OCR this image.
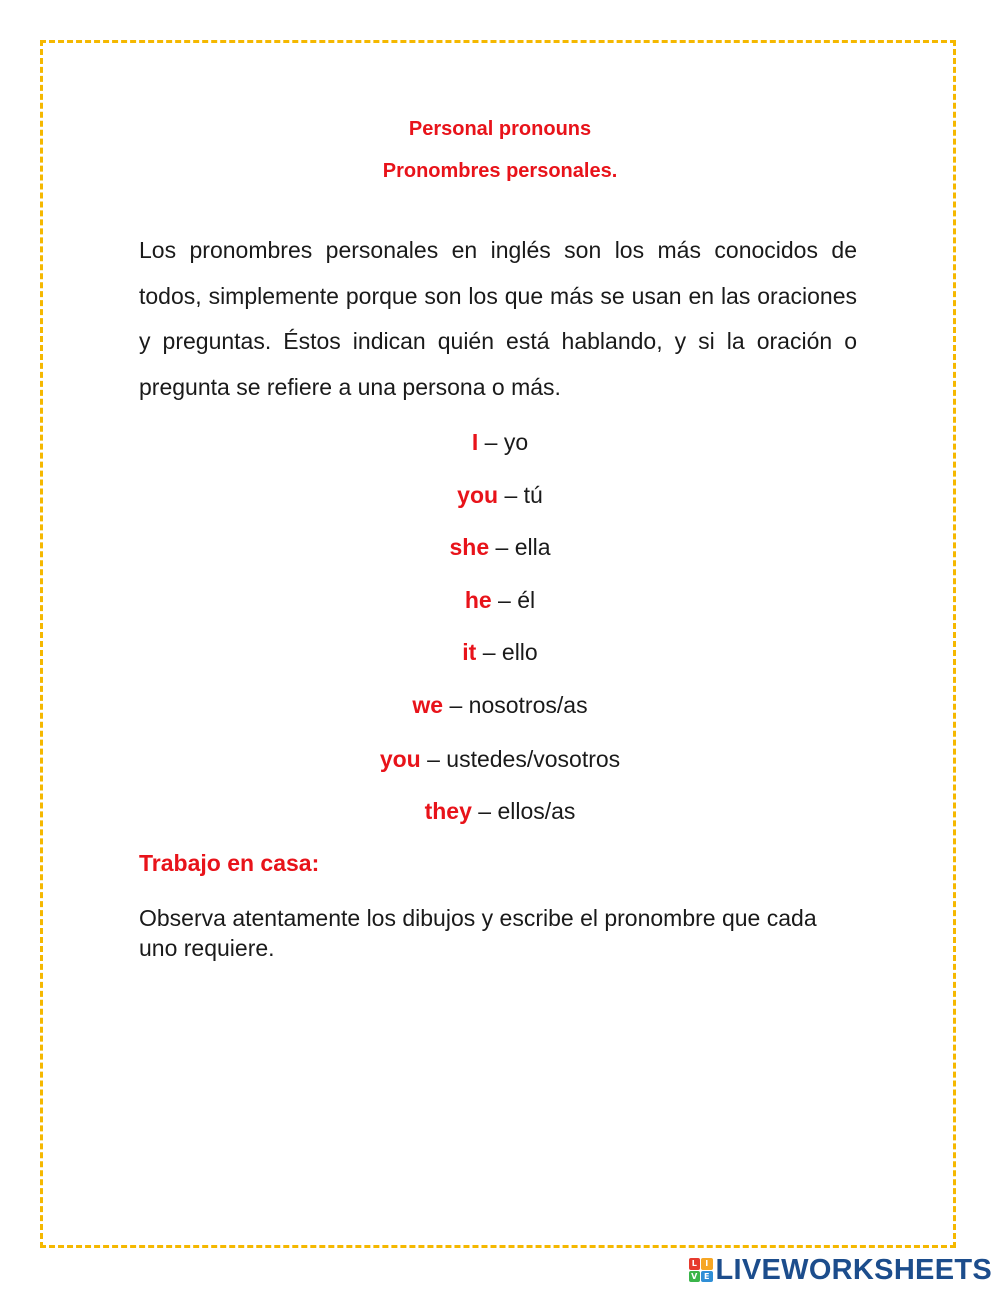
Personal pronouns
Pronombres personales.

Los pronombres personales en inglés son los más conocidos de todos, simplemente porque son los que más se usan en las oraciones y preguntas. Éstos indican quién está hablando, y si la oración o pregunta se refiere a una persona o más.

I – yo
you – tú
she – ella
he – él
it – ello
we – nosotros/as
you – ustedes/vosotros
they – ellos/as
Trabajo en casa:

Observa atentamente los dibujos y escribe el pronombre que cada uno requiere.

L	I
V E LIVEWORKSHEETS
